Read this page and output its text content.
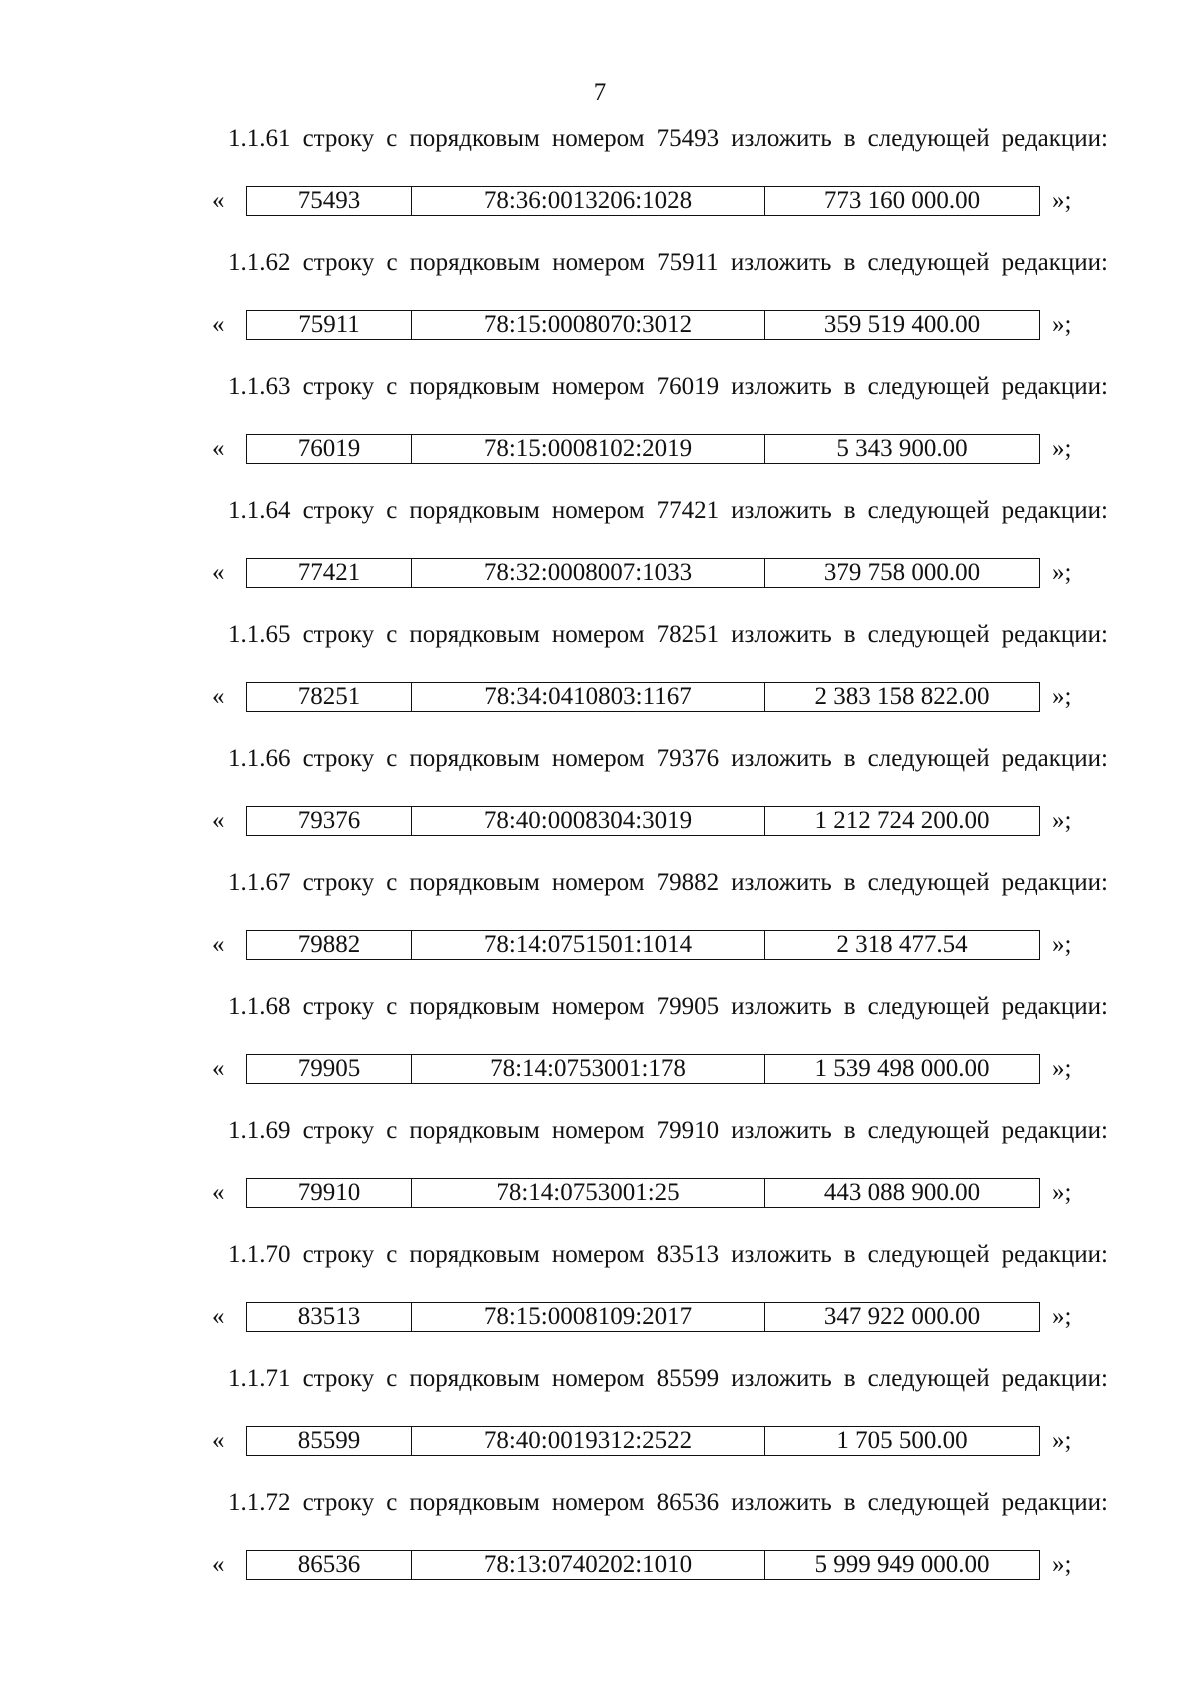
7
1.1.61 строку с порядковым номером 75493 изложить в следующей редакции:
«	75493	78:36:0013206:1028	773 160 000.00	»;
1.1.62 строку с порядковым номером 75911 изложить в следующей редакции:
«	75911	78:15:0008070:3012	359 519 400.00	»;
1.1.63 строку с порядковым номером 76019 изложить в следующей редакции:
«	76019	78:15:0008102:2019	5 343 900.00	»;
1.1.64 строку с порядковым номером 77421 изложить в следующей редакции:
«	77421	78:32:0008007:1033	379 758 000.00	»;
1.1.65 строку с порядковым номером 78251 изложить в следующей редакции:
«	78251	78:34:0410803:1167	2 383 158 822.00	»;
1.1.66 строку с порядковым номером 79376 изложить в следующей редакции:
«	79376	78:40:0008304:3019	1 212 724 200.00	»;
1.1.67 строку с порядковым номером 79882 изложить в следующей редакции:
«	79882	78:14:0751501:1014	2 318 477.54	»;
1.1.68 строку с порядковым номером 79905 изложить в следующей редакции:
«	79905	78:14:0753001:178	1 539 498 000.00	»;
1.1.69 строку с порядковым номером 79910 изложить в следующей редакции:
«	79910	78:14:0753001:25	443 088 900.00	»;
1.1.70 строку с порядковым номером 83513 изложить в следующей редакции:
«	83513	78:15:0008109:2017	347 922 000.00	»;
1.1.71 строку с порядковым номером 85599 изложить в следующей редакции:
«	85599	78:40:0019312:2522	1 705 500.00	»;
1.1.72 строку с порядковым номером 86536 изложить в следующей редакции:
«	86536	78:13:0740202:1010	5 999 949 000.00	»;
